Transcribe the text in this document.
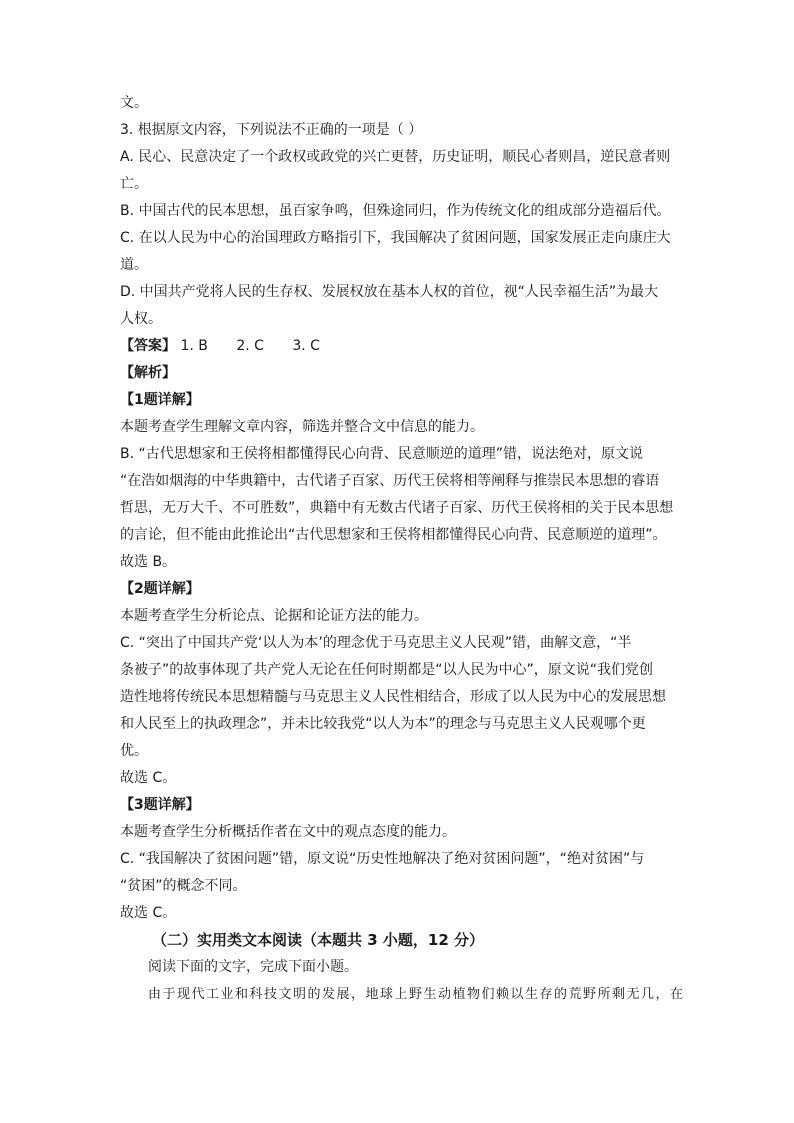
文。
3. 根据原文内容，下列说法不正确的一项是（ ）
A. 民心、民意决定了一个政权或政党的兴亡更替，历史证明，顺民心者则昌，逆民意者则
亡。
B. 中国古代的民本思想，虽百家争鸣，但殊途同归，作为传统文化的组成部分造福后代。
C. 在以人民为中心的治国理政方略指引下，我国解决了贫困问题，国家发展正走向康庄大
道。
D. 中国共产党将人民的生存权、发展权放在基本人权的首位，视“人民幸福生活”为最大
人权。
【答案】 1. B 2. C 3. C
【解析】
【1题详解】
本题考查学生理解文章内容，筛选并整合文中信息的能力。
B. “古代思想家和王侯将相都懂得民心向背、民意顺逆的道理”错，说法绝对，原文说
“在浩如烟海的中华典籍中，古代诸子百家、历代王侯将相等阐释与推崇民本思想的睿语
哲思，无万大千、不可胜数”，典籍中有无数古代诸子百家、历代王侯将相的关于民本思想
的言论，但不能由此推论出“古代思想家和王侯将相都懂得民心向背、民意顺逆的道理”。
故选 B。
【2题详解】
本题考查学生分析论点、论据和论证方法的能力。
C. “突出了中国共产党‘以人为本’的理念优于马克思主义人民观”错，曲解文意，“半
条被子”的故事体现了共产党人无论在任何时期都是“以人民为中心”，原文说“我们党创
造性地将传统民本思想精髓与马克思主义人民性相结合，形成了以人民为中心的发展思想
和人民至上的执政理念”，并未比较我党“以人为本”的理念与马克思主义人民观哪个更
优。
故选 C。
【3题详解】
本题考查学生分析概括作者在文中的观点态度的能力。
C. “我国解决了贫困问题”错，原文说“历史性地解决了绝对贫困问题”，“绝对贫困”与
“贫困”的概念不同。
故选 C。
（二）实用类文本阅读（本题共 3 小题，12 分）
阅读下面的文字，完成下面小题。
由于现代工业和科技文明的发展，地球上野生动植物们赖以生存的荒野所剩无几，在
